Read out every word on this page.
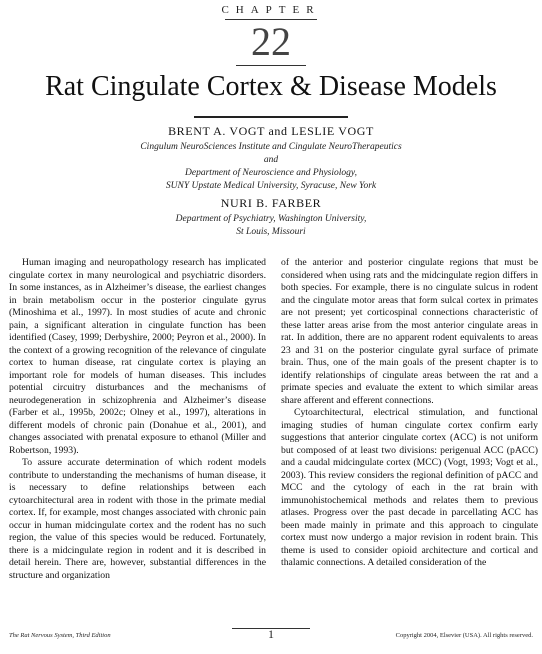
CHAPTER
22
Rat Cingulate Cortex & Disease Models
BRENT A. VOGT and LESLIE VOGT
Cingulum NeuroSciences Institute and Cingulate NeuroTherapeutics
and
Department of Neuroscience and Physiology,
SUNY Upstate Medical University, Syracuse, New York
NURI B. FARBER
Department of Psychiatry, Washington University,
St Louis, Missouri

Human imaging and neuropathology research has implicated cingulate cortex in many neurological and psychiatric disorders. In some instances, as in Alzheimer’s disease, the earliest changes in brain metabolism occur in the posterior cingulate gyrus (Minoshima et al., 1997). In most studies of acute and chronic pain, a significant alteration in cingulate function has been identified (Casey, 1999; Derbyshire, 2000; Peyron et al., 2000). In the context of a growing recognition of the relevance of cingulate cortex to human disease, rat cingulate cortex is playing an important role for models of human diseases. This includes potential circuitry disturbances and the mechanisms of neurodegeneration in schizophrenia and Alzheimer’s disease (Farber et al., 1995b, 2002c; Olney et al., 1997), alterations in different models of chronic pain (Donahue et al., 2001), and changes associated with prenatal exposure to ethanol (Miller and Robertson, 1993).

To assure accurate determination of which rodent models contribute to understanding the mechanisms of human disease, it is necessary to define relationships between each cytoarchitectural area in rodent with those in the primate medial cortex. If, for example, most changes associated with chronic pain occur in human midcingulate cortex and the rodent has no such region, the value of this species would be reduced. Fortunately, there is a midcingulate region in rodent and it is described in detail herein. There are, however, substantial differences in the structure and organization

of the anterior and posterior cingulate regions that must be considered when using rats and the midcingulate region differs in both species. For example, there is no cingulate sulcus in rodent and the cingulate motor areas that form sulcal cortex in primates are not present; yet corticospinal connections characteristic of these latter areas arise from the most anterior cingulate areas in rat. In addition, there are no apparent rodent equivalents to areas 23 and 31 on the posterior cingulate gyral surface of primate brain. Thus, one of the main goals of the present chapter is to identify relationships of cingulate areas between the rat and a primate species and evaluate the extent to which similar areas share afferent and efferent connections.

Cytoarchitectural, electrical stimulation, and functional imaging studies of human cingulate cortex confirm early suggestions that anterior cingulate cortex (ACC) is not uniform but composed of at least two divisions: perigenual ACC (pACC) and a caudal midcingulate cortex (MCC) (Vogt, 1993; Vogt et al., 2003). This review considers the regional definition of pACC and MCC and the cytology of each in the rat brain with immunohistochemical methods and relates them to previous atlases. Progress over the past decade in parcellating ACC has been made mainly in primate and this approach to cingulate cortex must now undergo a major revision in rodent brain. This theme is used to consider opioid architecture and cortical and thalamic connections. A detailed consideration of the

The Rat Nervous System, Third Edition	1	Copyright 2004, Elsevier (USA). All rights reserved.
